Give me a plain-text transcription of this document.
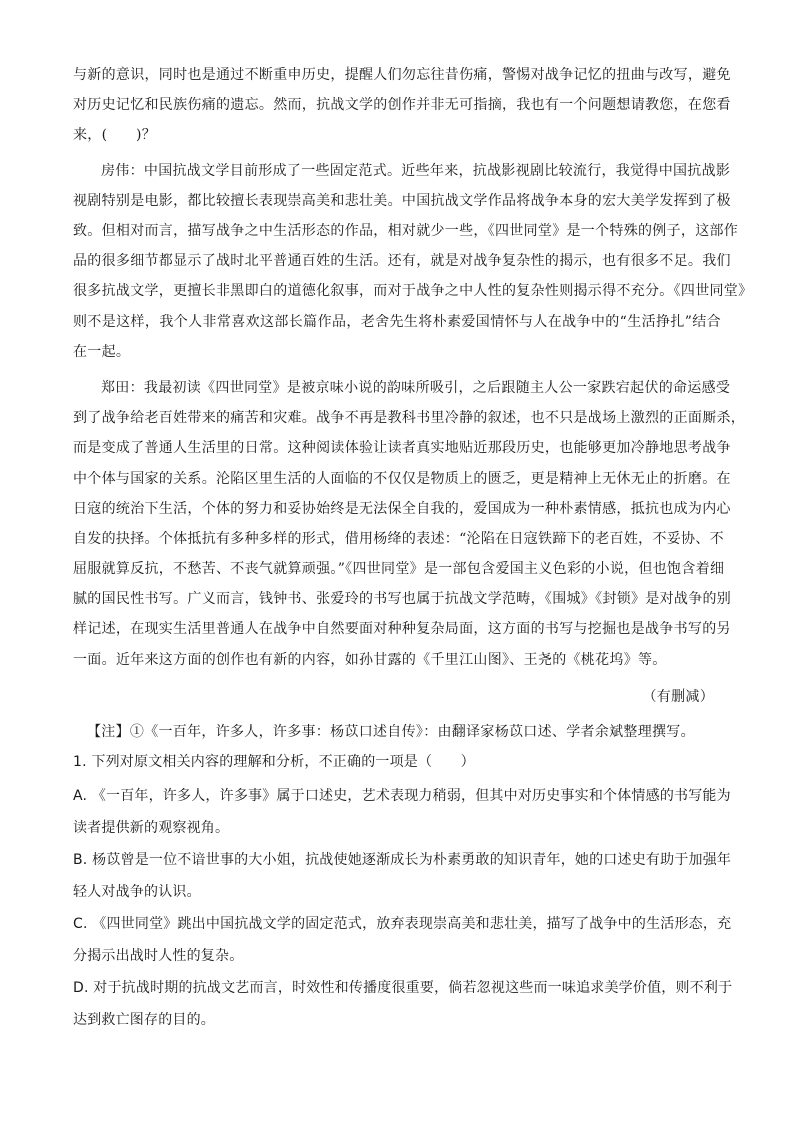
与新的意识，同时也是通过不断重申历史，提醒人们勿忘往昔伤痛，警惕对战争记忆的扭曲与改写，避免
对历史记忆和民族伤痛的遗忘。然而，抗战文学的创作并非无可指摘，我也有一个问题想请教您，在您看
来，(　　)？
房伟：中国抗战文学目前形成了一些固定范式。近些年来，抗战影视剧比较流行，我觉得中国抗战影
视剧特别是电影，都比较擅长表现崇高美和悲壮美。中国抗战文学作品将战争本身的宏大美学发挥到了极
致。但相对而言，描写战争之中生活形态的作品，相对就少一些，《四世同堂》是一个特殊的例子，这部作
品的很多细节都显示了战时北平普通百姓的生活。还有，就是对战争复杂性的揭示，也有很多不足。我们
很多抗战文学，更擅长非黑即白的道德化叙事，而对于战争之中人性的复杂性则揭示得不充分。《四世同堂》
则不是这样，我个人非常喜欢这部长篇作品，老舍先生将朴素爱国情怀与人在战争中的“生活挣扎”结合
在一起。
郑田：我最初读《四世同堂》是被京味小说的韵味所吸引，之后跟随主人公一家跌宕起伏的命运感受
到了战争给老百姓带来的痛苦和灾难。战争不再是教科书里冷静的叙述，也不只是战场上激烈的正面厮杀，
而是变成了普通人生活里的日常。这种阅读体验让读者真实地贴近那段历史，也能够更加冷静地思考战争
中个体与国家的关系。沦陷区里生活的人面临的不仅仅是物质上的匮乏，更是精神上无休无止的折磨。在
日寇的统治下生活，个体的努力和妥协始终是无法保全自我的，爱国成为一种朴素情感，抵抗也成为内心
自发的抉择。个体抵抗有多种多样的形式，借用杨绛的表述：“沦陷在日寇铁蹄下的老百姓，不妥协、不
屈服就算反抗，不愁苦、不丧气就算顽强。”《四世同堂》是一部包含爱国主义色彩的小说，但也饱含着细
腻的国民性书写。广义而言，钱钟书、张爱玲的书写也属于抗战文学范畴，《围城》《封锁》是对战争的别
样记述，在现实生活里普通人在战争中自然要面对种种复杂局面，这方面的书写与挖掘也是战争书写的另
一面。近年来这方面的创作也有新的内容，如孙甘露的《千里江山图》、王尧的《桃花坞》等。
（有删减）
【注】①《一百年，许多人，许多事：杨苡口述自传》：由翻译家杨苡口述、学者余斌整理撰写。
1. 下列对原文相关内容的理解和分析，不正确的一项是（　　）
A. 《一百年，许多人，许多事》属于口述史，艺术表现力稍弱，但其中对历史事实和个体情感的书写能为
读者提供新的观察视角。
B. 杨苡曾是一位不谙世事的大小姐，抗战使她逐渐成长为朴素勇敢的知识青年，她的口述史有助于加强年
轻人对战争的认识。
C. 《四世同堂》跳出中国抗战文学的固定范式，放弃表现崇高美和悲壮美，描写了战争中的生活形态，充
分揭示出战时人性的复杂。
D. 对于抗战时期的抗战文艺而言，时效性和传播度很重要，倘若忽视这些而一味追求美学价值，则不利于
达到救亡图存的目的。
